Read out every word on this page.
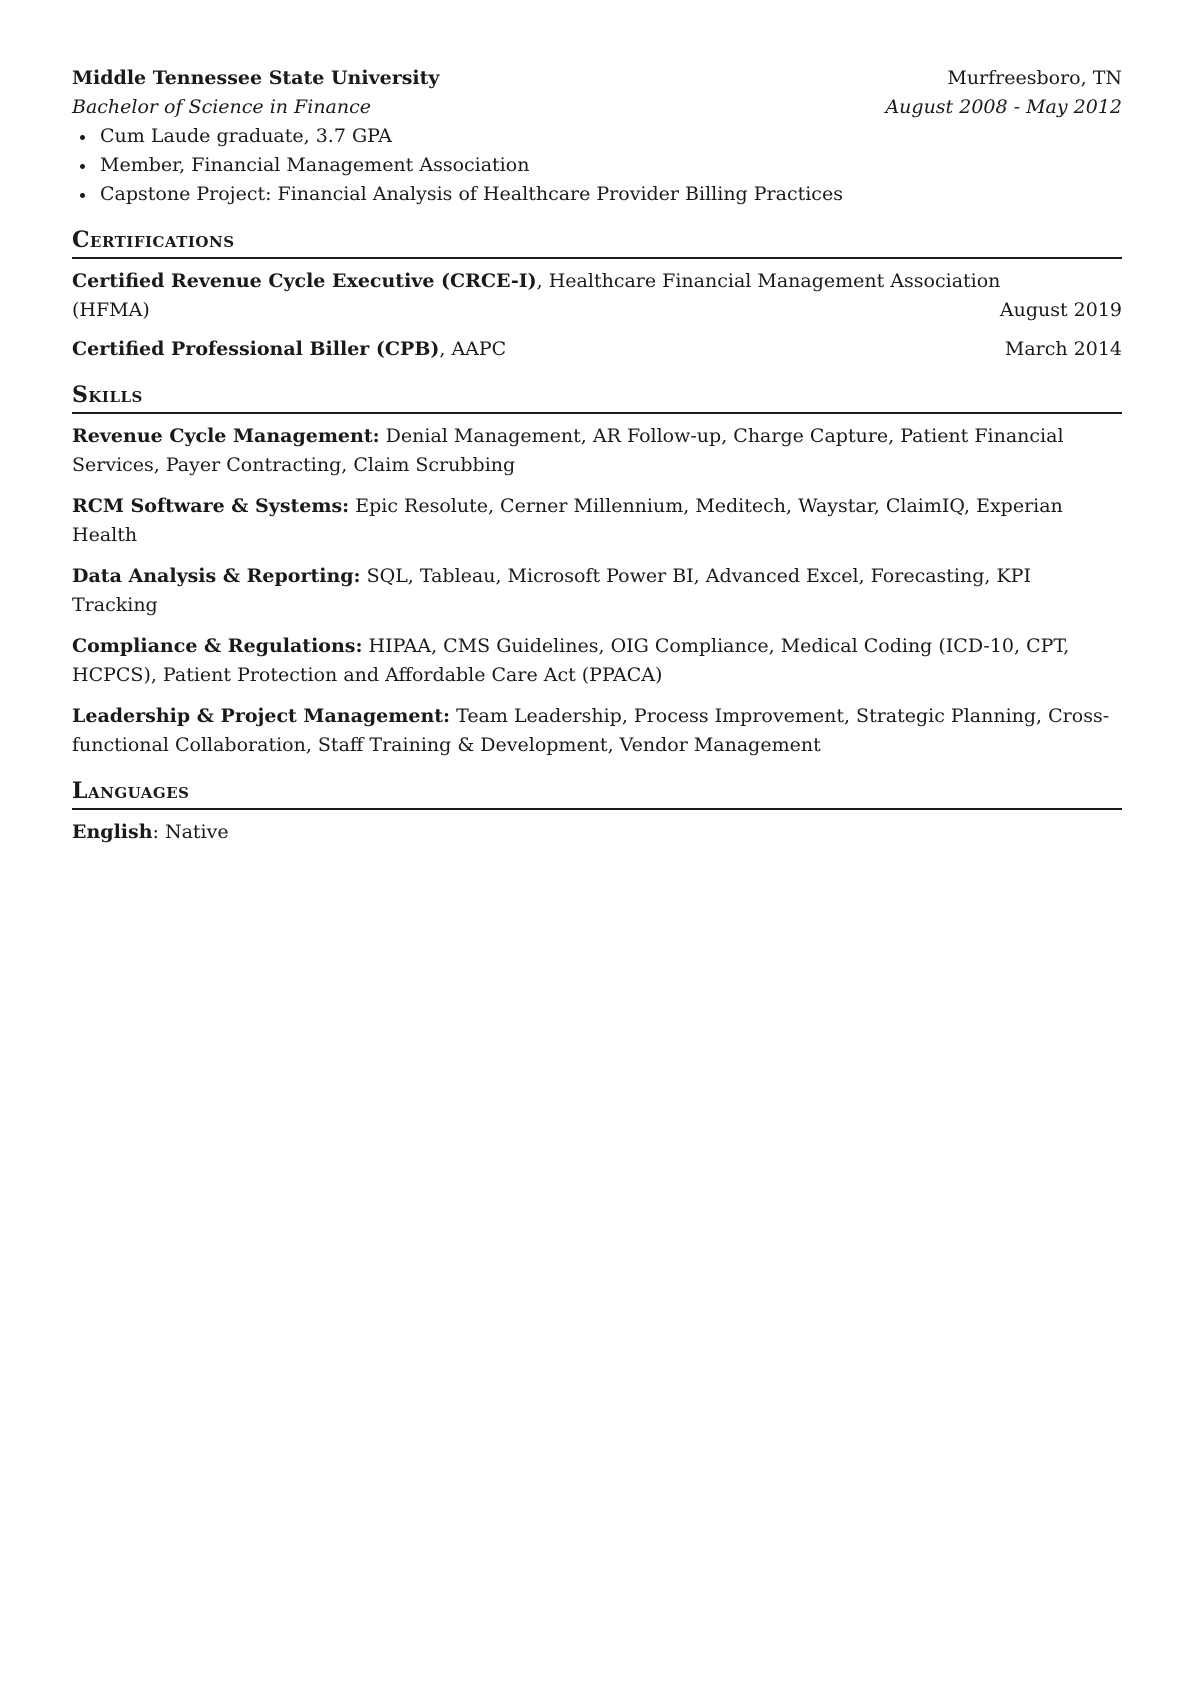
Middle Tennessee State University	Murfreesboro, TN
Bachelor of Science in Finance	August 2008 - May 2012
Cum Laude graduate, 3.7 GPA
Member, Financial Management Association
Capstone Project: Financial Analysis of Healthcare Provider Billing Practices
Certifications
Certified Revenue Cycle Executive (CRCE-I), Healthcare Financial Management Association
(HFMA)	August 2019
Certified Professional Biller (CPB), AAPC	March 2014
Skills
Revenue Cycle Management: Denial Management, AR Follow-up, Charge Capture, Patient Financial Services, Payer Contracting, Claim Scrubbing
RCM Software & Systems: Epic Resolute, Cerner Millennium, Meditech, Waystar, ClaimIQ, Experian Health
Data Analysis & Reporting: SQL, Tableau, Microsoft Power BI, Advanced Excel, Forecasting, KPI Tracking
Compliance & Regulations: HIPAA, CMS Guidelines, OIG Compliance, Medical Coding (ICD-10, CPT, HCPCS), Patient Protection and Affordable Care Act (PPACA)
Leadership & Project Management: Team Leadership, Process Improvement, Strategic Planning, Cross-functional Collaboration, Staff Training & Development, Vendor Management
Languages
English: Native
